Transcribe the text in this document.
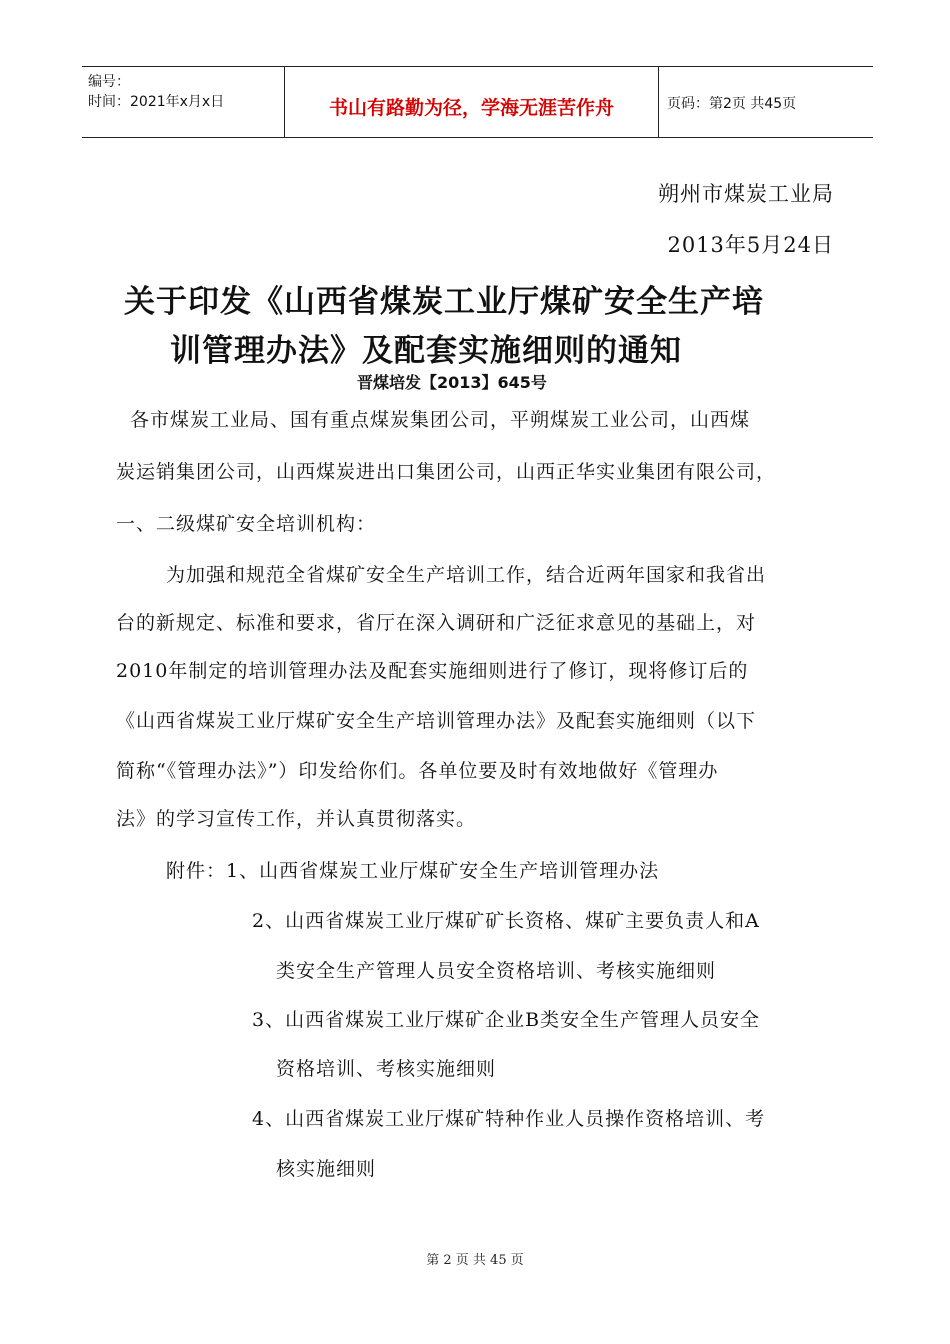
编号：
时间：2021年x月x日	书山有路勤为径，学海无涯苦作舟	页码：第2页 共45页
朔州市煤炭工业局
2013年5月24日
关于印发《山西省煤炭工业厅煤矿安全生产培
训管理办法》及配套实施细则的通知
晋煤培发【2013】645号
各市煤炭工业局、国有重点煤炭集团公司，平朔煤炭工业公司，山西煤
炭运销集团公司，山西煤炭进出口集团公司，山西正华实业集团有限公司，
一、二级煤矿安全培训机构：
为加强和规范全省煤矿安全生产培训工作，结合近两年国家和我省出
台的新规定、标准和要求，省厅在深入调研和广泛征求意见的基础上，对
2010年制定的培训管理办法及配套实施细则进行了修订，现将修订后的
《山西省煤炭工业厅煤矿安全生产培训管理办法》及配套实施细则（以下
简称“《管理办法》”）印发给你们。各单位要及时有效地做好《管理办
法》的学习宣传工作，并认真贯彻落实。
附件：1、山西省煤炭工业厅煤矿安全生产培训管理办法
2、山西省煤炭工业厅煤矿矿长资格、煤矿主要负责人和A
类安全生产管理人员安全资格培训、考核实施细则
3、山西省煤炭工业厅煤矿企业B类安全生产管理人员安全
资格培训、考核实施细则
4、山西省煤炭工业厅煤矿特种作业人员操作资格培训、考
核实施细则
第 2 页 共 45 页
